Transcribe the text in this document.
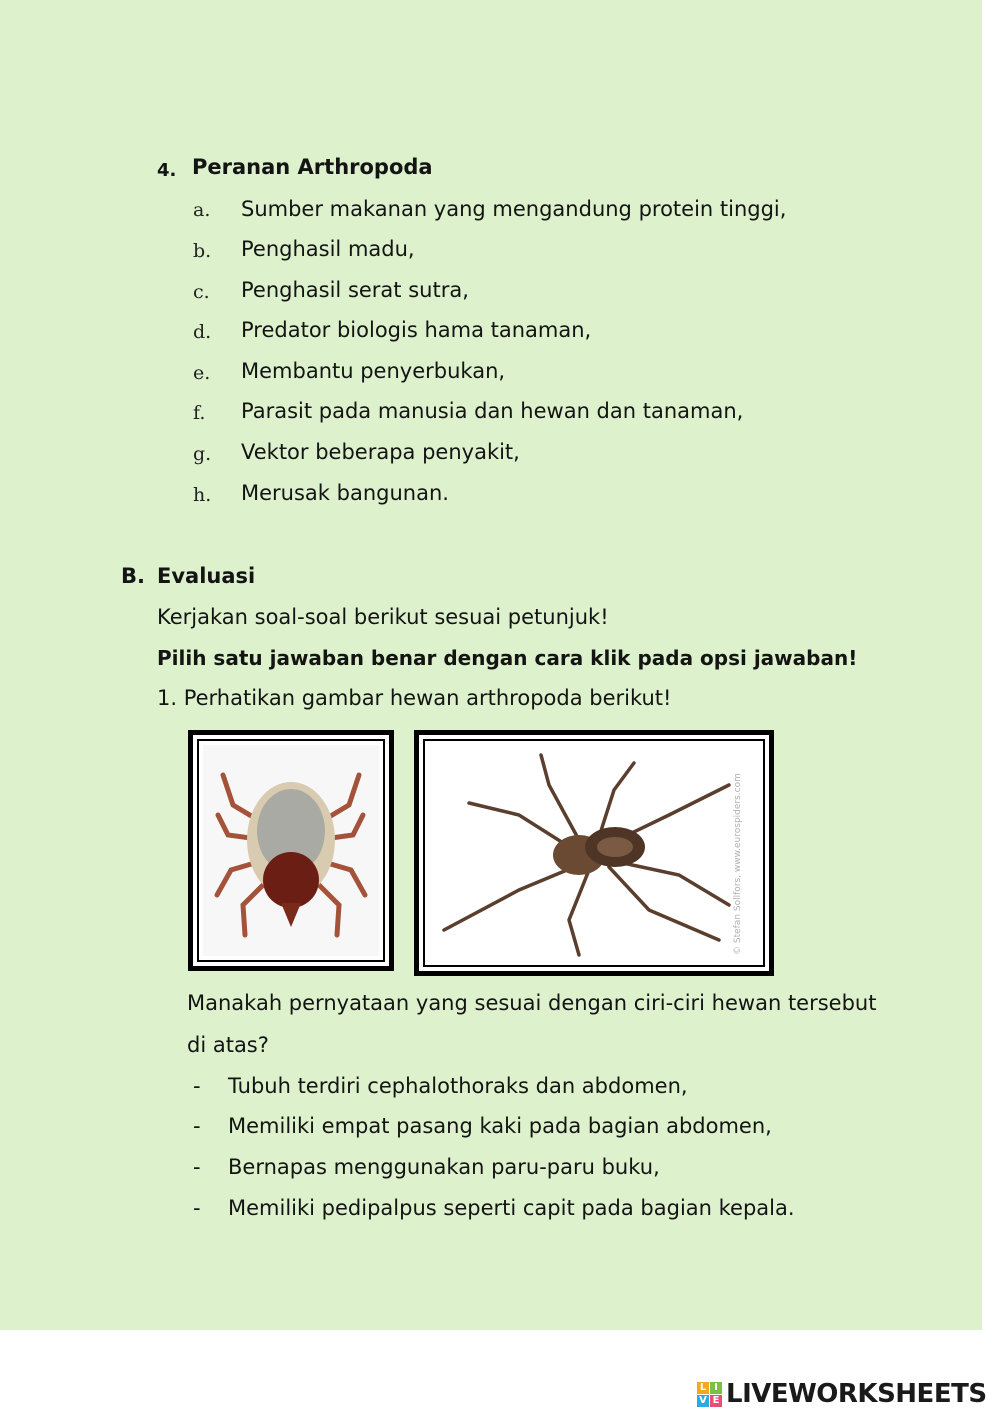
4. Peranan Arthropoda
a. Sumber makanan yang mengandung protein tinggi,
b. Penghasil madu,
c. Penghasil serat sutra,
d. Predator biologis hama tanaman,
e. Membantu penyerbukan,
f. Parasit pada manusia dan hewan dan tanaman,
g. Vektor beberapa penyakit,
h. Merusak bangunan.
B. Evaluasi
Kerjakan soal-soal berikut sesuai petunjuk!
Pilih satu jawaban benar dengan cara klik pada opsi jawaban!
1. Perhatikan gambar hewan arthropoda berikut!
© Stefan Sollfors, www.eurospiders.com
Manakah pernyataan yang sesuai dengan ciri-ciri hewan tersebut
di atas?
- Tubuh terdiri cephalothoraks dan abdomen,
- Memiliki empat pasang kaki pada bagian abdomen,
- Bernapas menggunakan paru-paru buku,
- Memiliki pedipalpus seperti capit pada bagian kepala.
L I
V E LIVEWORKSHEETS
